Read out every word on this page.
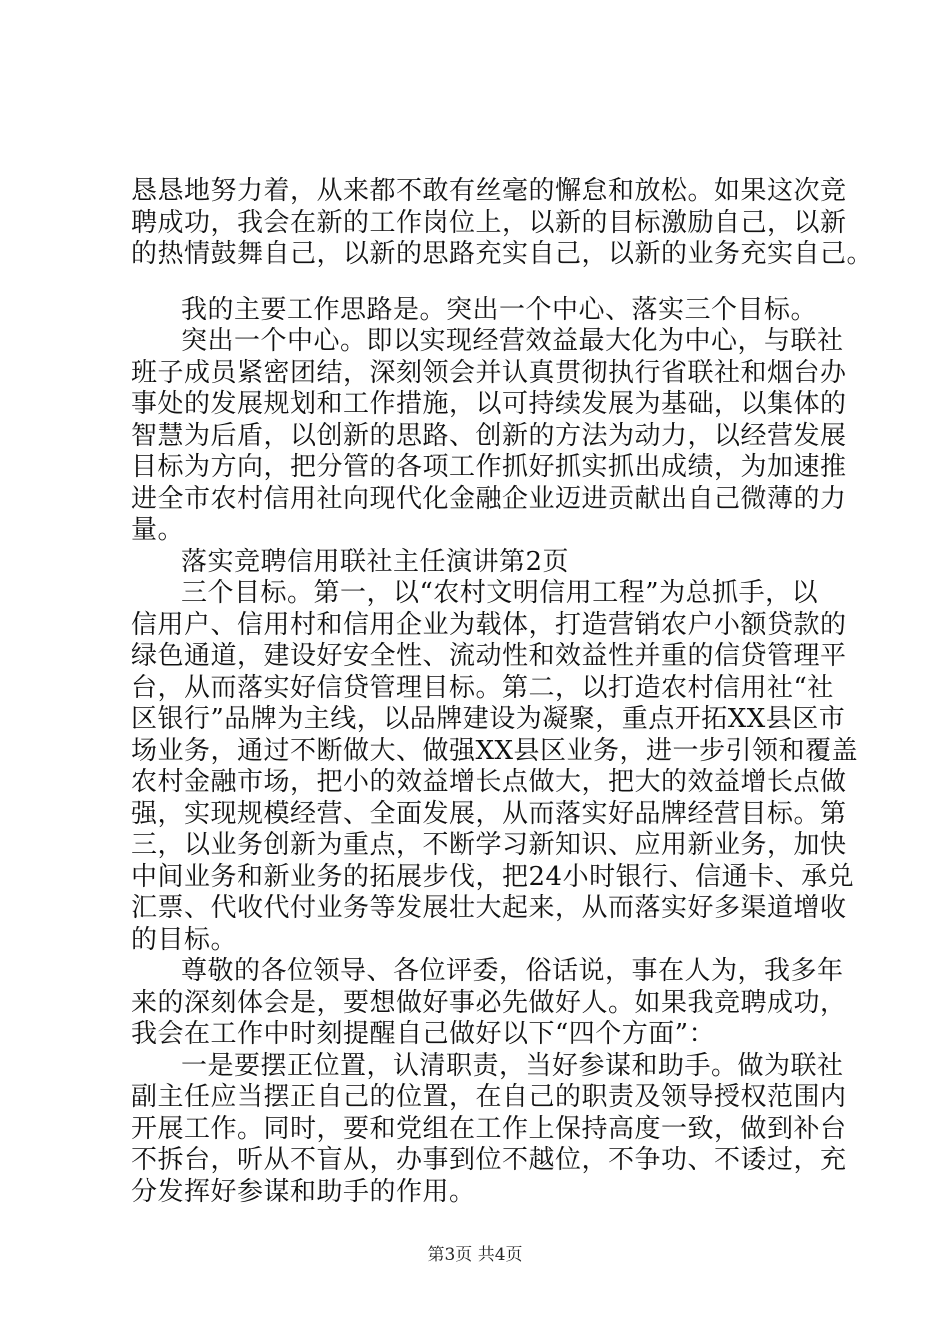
恳恳地努力着，从来都不敢有丝毫的懈怠和放松。如果这次竞
聘成功，我会在新的工作岗位上，以新的目标激励自己，以新
的热情鼓舞自己，以新的思路充实自己，以新的业务充实自己。
我的主要工作思路是。突出一个中心、落实三个目标。
突出一个中心。即以实现经营效益最大化为中心，与联社
班子成员紧密团结，深刻领会并认真贯彻执行省联社和烟台办
事处的发展规划和工作措施，以可持续发展为基础，以集体的
智慧为后盾，以创新的思路、创新的方法为动力，以经营发展
目标为方向，把分管的各项工作抓好抓实抓出成绩，为加速推
进全市农村信用社向现代化金融企业迈进贡献出自己微薄的力
量。
落实竞聘信用联社主任演讲第2页
三个目标。第一，以“农村文明信用工程”为总抓手，以
信用户、信用村和信用企业为载体，打造营销农户小额贷款的
绿色通道，建设好安全性、流动性和效益性并重的信贷管理平
台，从而落实好信贷管理目标。第二，以打造农村信用社“社
区银行”品牌为主线，以品牌建设为凝聚，重点开拓XX县区市
场业务，通过不断做大、做强XX县区业务，进一步引领和覆盖
农村金融市场，把小的效益增长点做大，把大的效益增长点做
强，实现规模经营、全面发展，从而落实好品牌经营目标。第
三，以业务创新为重点，不断学习新知识、应用新业务，加快
中间业务和新业务的拓展步伐，把24小时银行、信通卡、承兑
汇票、代收代付业务等发展壮大起来，从而落实好多渠道增收
的目标。
尊敬的各位领导、各位评委，俗话说，事在人为，我多年
来的深刻体会是，要想做好事必先做好人。如果我竞聘成功，
我会在工作中时刻提醒自己做好以下“四个方面”：
一是要摆正位置，认清职责，当好参谋和助手。做为联社
副主任应当摆正自己的位置，在自己的职责及领导授权范围内
开展工作。同时，要和党组在工作上保持高度一致，做到补台
不拆台，听从不盲从，办事到位不越位，不争功、不诿过，充
分发挥好参谋和助手的作用。
第3页 共4页
